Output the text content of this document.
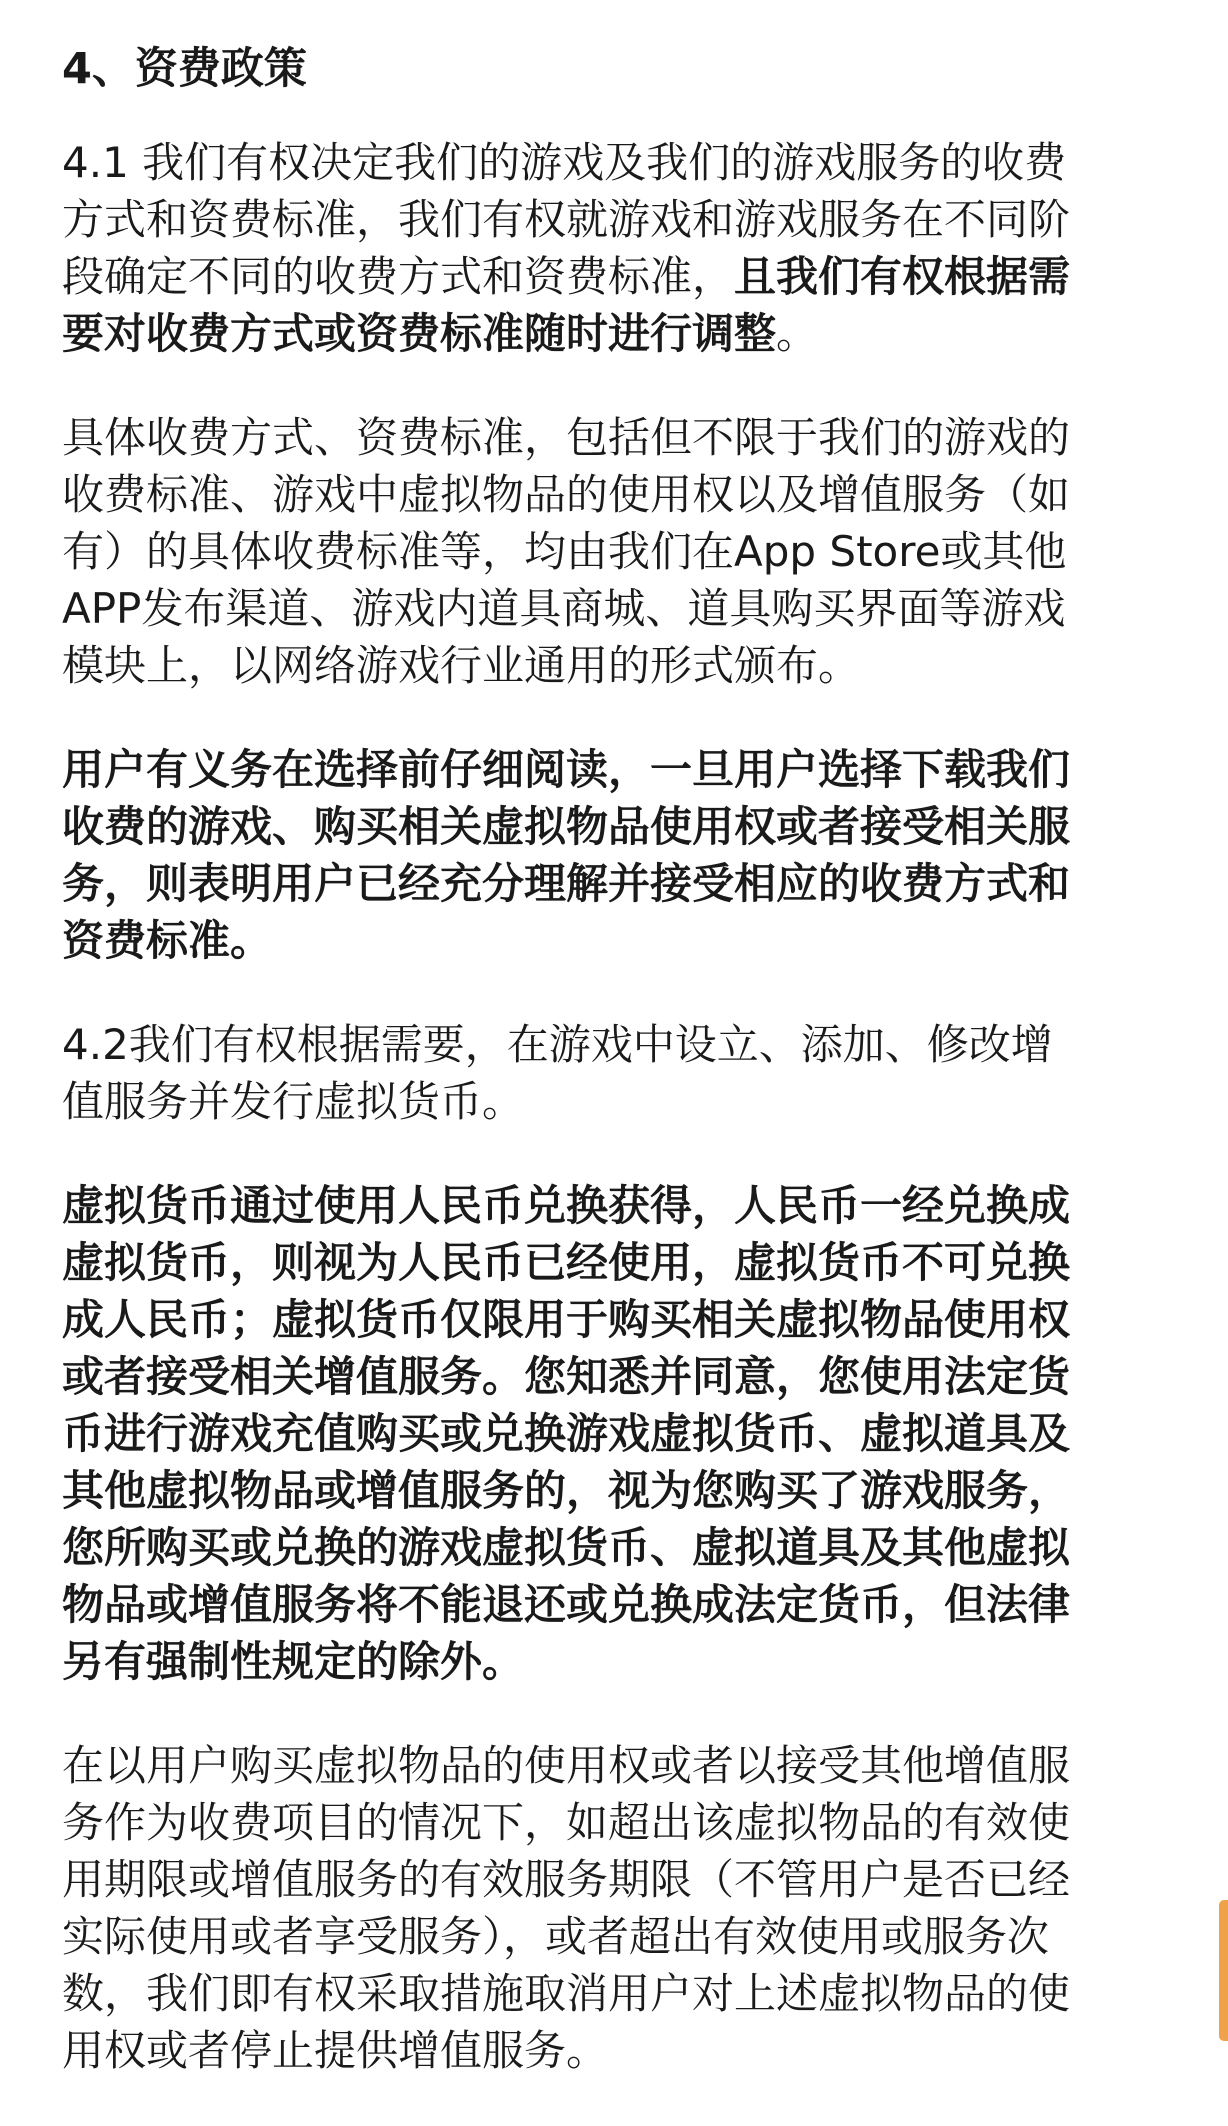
4、资费政策
4.1 我们有权决定我们的游戏及我们的游戏服务的收费
方式和资费标准，我们有权就游戏和游戏服务在不同阶
段确定不同的收费方式和资费标准，且我们有权根据需
要对收费方式或资费标准随时进行调整。
具体收费方式、资费标准，包括但不限于我们的游戏的
收费标准、游戏中虚拟物品的使用权以及增值服务（如
有）的具体收费标准等，均由我们在App Store或其他
APP发布渠道、游戏内道具商城、道具购买界面等游戏
模块上，以网络游戏行业通用的形式颁布。
用户有义务在选择前仔细阅读，一旦用户选择下载我们
收费的游戏、购买相关虚拟物品使用权或者接受相关服
务，则表明用户已经充分理解并接受相应的收费方式和
资费标准。
4.2我们有权根据需要，在游戏中设立、添加、修改增
值服务并发行虚拟货币。
虚拟货币通过使用人民币兑换获得，人民币一经兑换成
虚拟货币，则视为人民币已经使用，虚拟货币不可兑换
成人民币；虚拟货币仅限用于购买相关虚拟物品使用权
或者接受相关增值服务。您知悉并同意，您使用法定货
币进行游戏充值购买或兑换游戏虚拟货币、虚拟道具及
其他虚拟物品或增值服务的，视为您购买了游戏服务，
您所购买或兑换的游戏虚拟货币、虚拟道具及其他虚拟
物品或增值服务将不能退还或兑换成法定货币，但法律
另有强制性规定的除外。
在以用户购买虚拟物品的使用权或者以接受其他增值服
务作为收费项目的情况下，如超出该虚拟物品的有效使
用期限或增值服务的有效服务期限（不管用户是否已经
实际使用或者享受服务），或者超出有效使用或服务次
数，我们即有权采取措施取消用户对上述虚拟物品的使
用权或者停止提供增值服务。
